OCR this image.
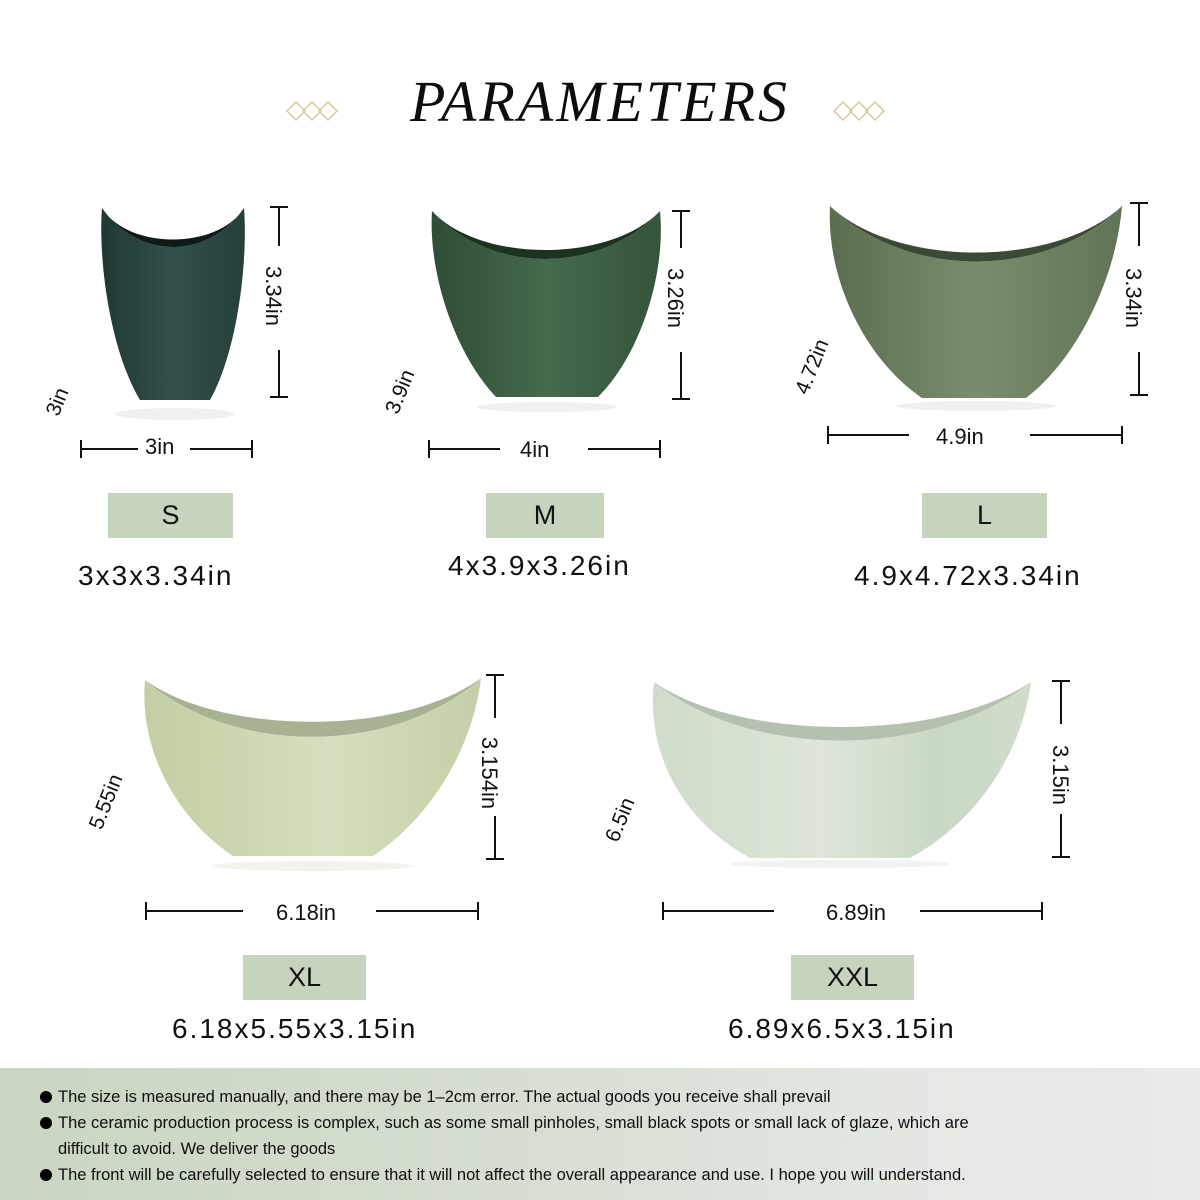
PARAMETERS
3.34in
3in
3in
S
3x3x3.34in
3.26in
3.9in
4in
M
4x3.9x3.26in
3.34in
4.72in
4.9in
L
4.9x4.72x3.34in
3.154in
5.55in
6.18in
XL
6.18x5.55x3.15in
3.15in
6.5in
6.89in
XXL
6.89x6.5x3.15in
The size is measured manually, and there may be 1–2cm error. The actual goods you receive shall prevail
The ceramic production process is complex, such as some small pinholes, small black spots or small lack of glaze, which are
difficult to avoid. We deliver the goods
The front will be carefully selected to ensure that it will not affect the overall appearance and use. I hope you will understand.
